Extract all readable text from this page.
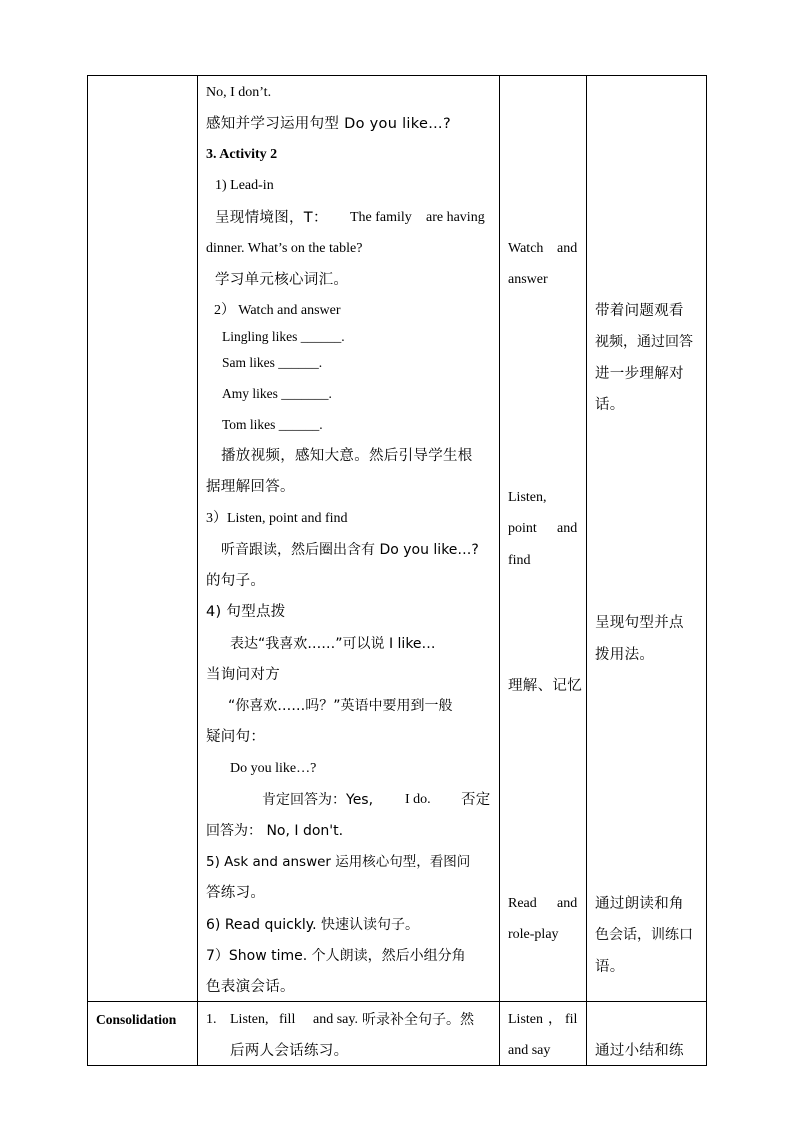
No, I don’t.
感知并学习运用句型 Do you like…?
3. Activity 2
1) Lead-in
呈现情境图，T： The family are having
dinner. What’s on the table?
学习单元核心词汇。
2） Watch and answer
Lingling likes ______.
Sam likes ______.
Amy likes _______.
Tom likes ______.
播放视频，感知大意。然后引导学生根
据理解回答。
3）Listen, point and find
听音跟读，然后圈出含有 Do you like…?
的句子。
4) 句型点拨
表达“我喜欢……”可以说 I like…
当询问对方
“你喜欢……吗？”英语中要用到一般
疑问句：
Do you like…?
肯定回答为：Yes, I do. 否定
回答为： No, I don't.
5) Ask and answer 运用核心句型，看图问
答练习。
6) Read quickly. 快速认读句子。
7）Show time. 个人朗读，然后小组分角
色表演会话。
Watch and
answer
Listen,
point and
find
理解、记忆
Read and
role-play
带着问题观看
视频，通过回答
进一步理解对
话。
呈现句型并点
拨用法。
通过朗读和角
色会话，训练口
语。
Consolidation 1. Listen, fill and say. 听录补全句子。然
后两人会话练习。
Listen ， fil
and say	通过小结和练
